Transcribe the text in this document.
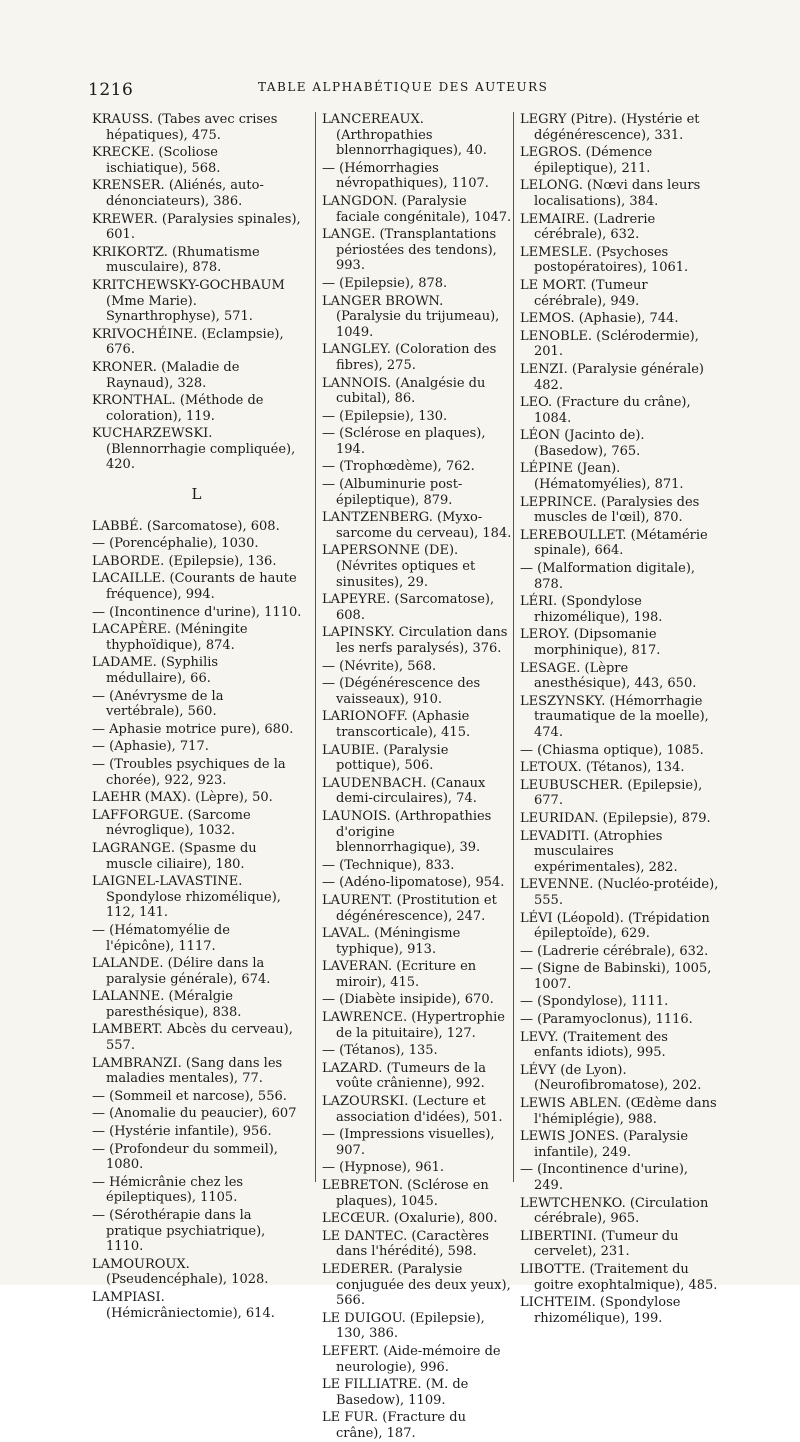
1216	TABLE ALPHABÉTIQUE DES AUTEURS

KRAUSS. (Tabes avec crises hépatiques), 475.

KRECKE. (Scoliose ischiatique), 568.

KRENSER. (Aliénés, auto-dénonciateurs), 386.

KREWER. (Paralysies spinales), 601.

KRIKORTZ. (Rhumatisme musculaire), 878.

KRITCHEWSKY-GOCHBAUM (Mme Marie). Synarthrophyse), 571.

KRIVOCHÉINE. (Eclampsie), 676.

KRONER. (Maladie de Raynaud), 328.

KRONTHAL. (Méthode de coloration), 119.

KUCHARZEWSKI. (Blennorrhagie compliquée), 420.

L

LABBÉ. (Sarcomatose), 608.

— (Porencéphalie), 1030.

LABORDE. (Epilepsie), 136.

LACAILLE. (Courants de haute fréquence), 994.

— (Incontinence d'urine), 1110.

LACAPÈRE. (Méningite thyphoïdique), 874.

LADAME. (Syphilis médullaire), 66.

— (Anévrysme de la vertébrale), 560.

— Aphasie motrice pure), 680.

— (Aphasie), 717.

— (Troubles psychiques de la chorée), 922, 923.

LAEHR (MAX). (Lèpre), 50.

LAFFORGUE. (Sarcome névroglique), 1032.

LAGRANGE. (Spasme du muscle ciliaire), 180.

LAIGNEL-LAVASTINE. Spondylose rhizomélique), 112, 141.

— (Hématomyélie de l'épicône), 1117.

LALANDE. (Délire dans la paralysie générale), 674.

LALANNE. (Méralgie paresthésique), 838.

LAMBERT. Abcès du cerveau), 557.

LAMBRANZI. (Sang dans les maladies mentales), 77.

— (Sommeil et narcose), 556.

— (Anomalie du peaucier), 607

— (Hystérie infantile), 956.

— (Profondeur du sommeil), 1080.

— Hémicrânie chez les épileptiques), 1105.

— (Sérothérapie dans la pratique psychiatrique), 1110.

LAMOUROUX. (Pseudencéphale), 1028.

LAMPIASI. (Hémicrâniectomie), 614.

LANCEREAUX. (Arthropathies blennorrhagiques), 40.

— (Hémorrhagies névropathiques), 1107.

LANGDON. (Paralysie faciale congénitale), 1047.

LANGE. (Transplantations périostées des tendons), 993.

— (Epilepsie), 878.

LANGER BROWN. (Paralysie du trijumeau), 1049.

LANGLEY. (Coloration des fibres), 275.

LANNOIS. (Analgésie du cubital), 86.

— (Epilepsie), 130.

— (Sclérose en plaques), 194.

— (Trophœdème), 762.

— (Albuminurie post-épileptique), 879.

LANTZENBERG. (Myxo-sarcome du cerveau), 184.

LAPERSONNE (DE). (Névrites optiques et sinusites), 29.

LAPEYRE. (Sarcomatose), 608.

LAPINSKY. Circulation dans les nerfs paralysés), 376.

— (Névrite), 568.

— (Dégénérescence des vaisseaux), 910.

LARIONOFF. (Aphasie transcorticale), 415.

LAUBIE. (Paralysie pottique), 506.

LAUDENBACH. (Canaux demi-circulaires), 74.

LAUNOIS. (Arthropathies d'origine blennorrhagique), 39.

— (Technique), 833.

— (Adéno-lipomatose), 954.

LAURENT. (Prostitution et dégénérescence), 247.

LAVAL. (Méningisme typhique), 913.

LAVERAN. (Ecriture en miroir), 415.

— (Diabète insipide), 670.

LAWRENCE. (Hypertrophie de la pituitaire), 127.

— (Tétanos), 135.

LAZARD. (Tumeurs de la voûte crânienne), 992.

LAZOURSKI. (Lecture et association d'idées), 501.

— (Impressions visuelles), 907.

— (Hypnose), 961.

LEBRETON. (Sclérose en plaques), 1045.

LECŒUR. (Oxalurie), 800.

LE DANTEC. (Caractères dans l'hérédité), 598.

LEDERER. (Paralysie conjuguée des deux yeux), 566.

LE DUIGOU. (Epilepsie), 130, 386.

LEFERT. (Aide-mémoire de neurologie), 996.

LE FILLIATRE. (M. de Basedow), 1109.

LE FUR. (Fracture du crâne), 187.

LEGRY (Pitre). (Hystérie et dégénérescence), 331.

LEGROS. (Démence épileptique), 211.

LELONG. (Nœvi dans leurs localisations), 384.

LEMAIRE. (Ladrerie cérébrale), 632.

LEMESLE. (Psychoses postopératoires), 1061.

LE MORT. (Tumeur cérébrale), 949.

LEMOS. (Aphasie), 744.

LENOBLE. (Sclérodermie), 201.

LENZI. (Paralysie générale) 482.

LEO. (Fracture du crâne), 1084.

LÉON (Jacinto de). (Basedow), 765.

LÉPINE (Jean). (Hématomyélies), 871.

LEPRINCE. (Paralysies des muscles de l'œil), 870.

LEREBOULLET. (Métamérie spinale), 664.

— (Malformation digitale), 878.

LÉRI. (Spondylose rhizomélique), 198.

LEROY. (Dipsomanie morphinique), 817.

LESAGE. (Lèpre anesthésique), 443, 650.

LESZYNSKY. (Hémorrhagie traumatique de la moelle), 474.

— (Chiasma optique), 1085.

LETOUX. (Tétanos), 134.

LEUBUSCHER. (Epilepsie), 677.

LEURIDAN. (Epilepsie), 879.

LEVADITI. (Atrophies musculaires expérimentales), 282.

LEVENNE. (Nucléo-protéide), 555.

LÉVI (Léopold). (Trépidation épileptoïde), 629.

— (Ladrerie cérébrale), 632.

— (Signe de Babinski), 1005, 1007.

— (Spondylose), 1111.

— (Paramyoclonus), 1116.

LEVY. (Traitement des enfants idiots), 995.

LÉVY (de Lyon). (Neurofibromatose), 202.

LEWIS ABLEN. (Œdème dans l'hémiplégie), 988.

LEWIS JONES. (Paralysie infantile), 249.

— (Incontinence d'urine), 249.

LEWTCHENKO. (Circulation cérébrale), 965.

LIBERTINI. (Tumeur du cervelet), 231.

LIBOTTE. (Traitement du goitre exophtalmique), 485.

LICHTEIM. (Spondylose rhizomélique), 199.
